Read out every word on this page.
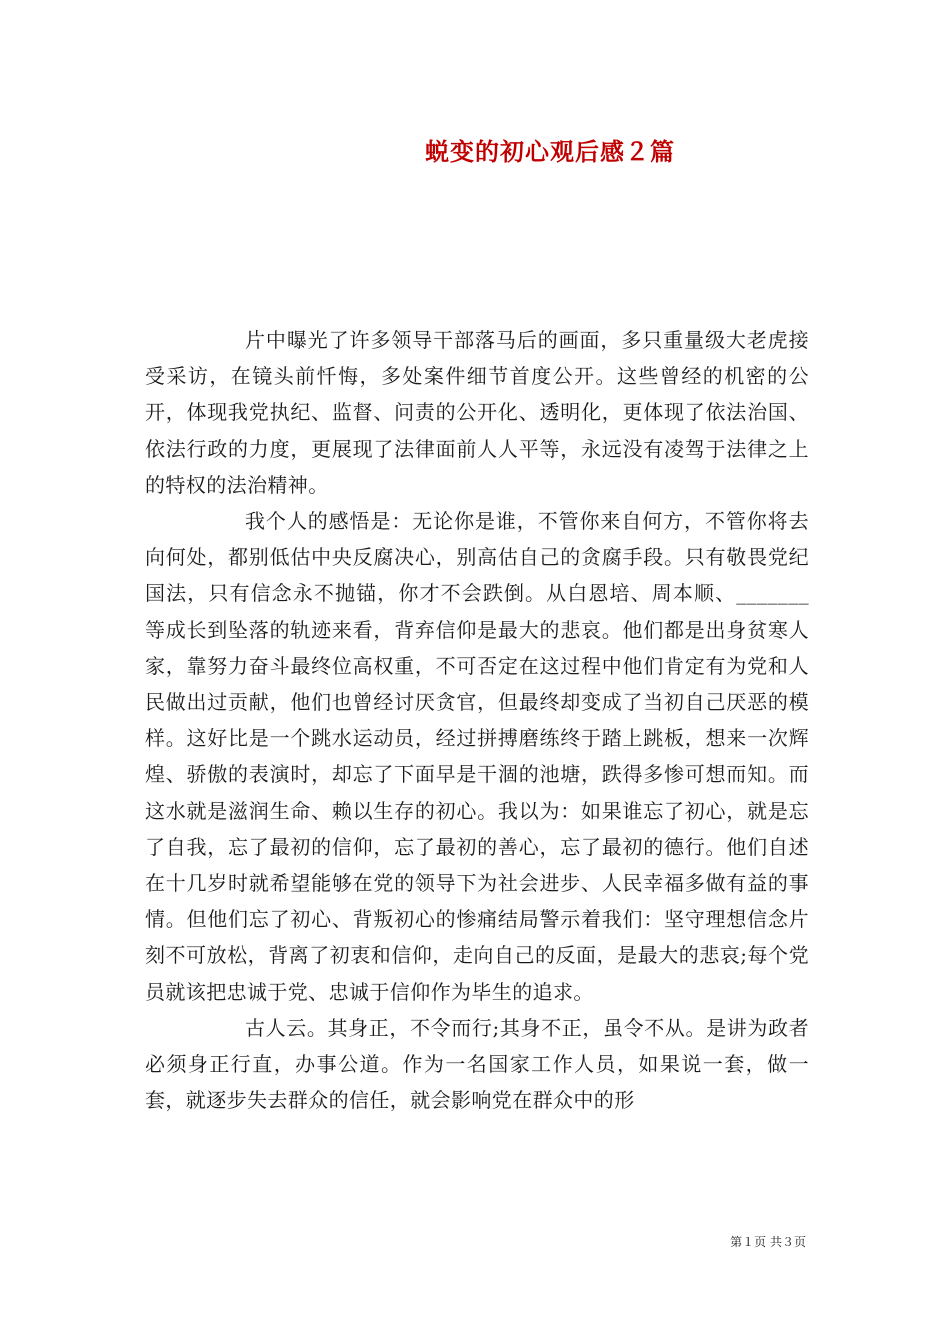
蜕变的初心观后感２篇

片中曝光了许多领导干部落马后的画面，多只重量级大老虎接受采访，在镜头前忏悔，多处案件细节首度公开。这些曾经的机密的公开，体现我党执纪、监督、问责的公开化、透明化，更体现了依法治国、依法行政的力度，更展现了法律面前人人平等，永远没有凌驾于法律之上的特权的法治精神。

我个人的感悟是：无论你是谁，不管你来自何方，不管你将去向何处，都别低估中央反腐决心，别高估自己的贪腐手段。只有敬畏党纪国法，只有信念永不抛锚，你才不会跌倒。从白恩培、周本顺、_______等成长到坠落的轨迹来看，背弃信仰是最大的悲哀。他们都是出身贫寒人家，靠努力奋斗最终位高权重，不可否定在这过程中他们肯定有为党和人民做出过贡献，他们也曾经讨厌贪官，但最终却变成了当初自己厌恶的模样。这好比是一个跳水运动员，经过拼搏磨练终于踏上跳板，想来一次辉煌、骄傲的表演时，却忘了下面早是干涸的池塘，跌得多惨可想而知。而这水就是滋润生命、赖以生存的初心。我以为：如果谁忘了初心，就是忘了自我，忘了最初的信仰，忘了最初的善心，忘了最初的德行。他们自述在十几岁时就希望能够在党的领导下为社会进步、人民幸福多做有益的事情。但他们忘了初心、背叛初心的惨痛结局警示着我们：坚守理想信念片刻不可放松，背离了初衷和信仰，走向自己的反面，是最大的悲哀;每个党员就该把忠诚于党、忠诚于信仰作为毕生的追求。

古人云。其身正，不令而行;其身不正，虽令不从。是讲为政者必须身正行直，办事公道。作为一名国家工作人员，如果说一套，做一套，就逐步失去群众的信任，就会影响党在群众中的形

第１页 共３页
